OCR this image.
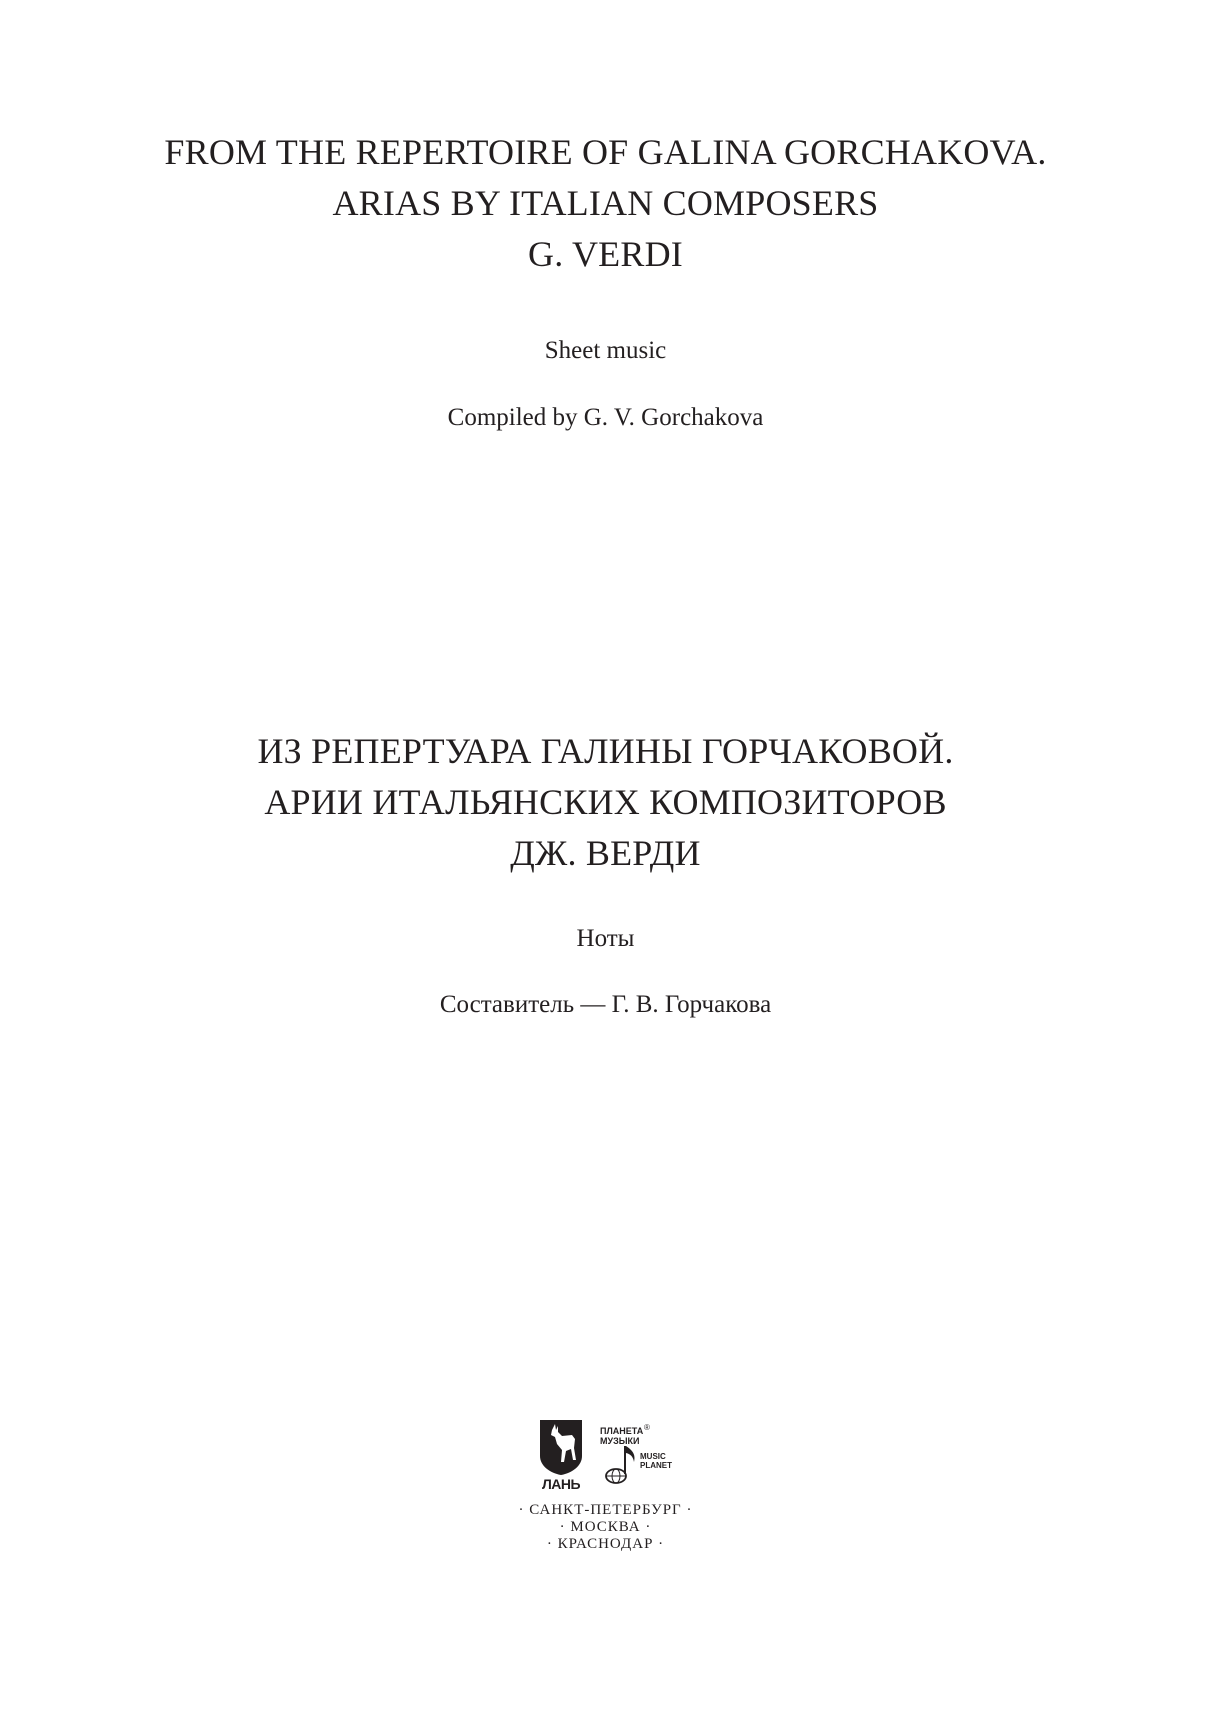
FROM THE REPERTOIRE OF GALINA GORCHAKOVA.
ARIAS BY ITALIAN COMPOSERS
G. VERDI
Sheet music
Compiled by G. V. Gorchakova
ИЗ РЕПЕРТУАРА ГАЛИНЫ ГОРЧАКОВОЙ.
АРИИ ИТАЛЬЯНСКИХ КОМПОЗИТОРОВ
ДЖ. ВЕРДИ
Ноты
Составитель — Г. В. Горчакова
ЛАНЬ
ПЛАНЕТА
МУЗЫКИ
®
MUSIC
PLANET
· САНКТ-ПЕТЕРБУРГ ·
· МОСКВА ·
· КРАСНОДАР ·
